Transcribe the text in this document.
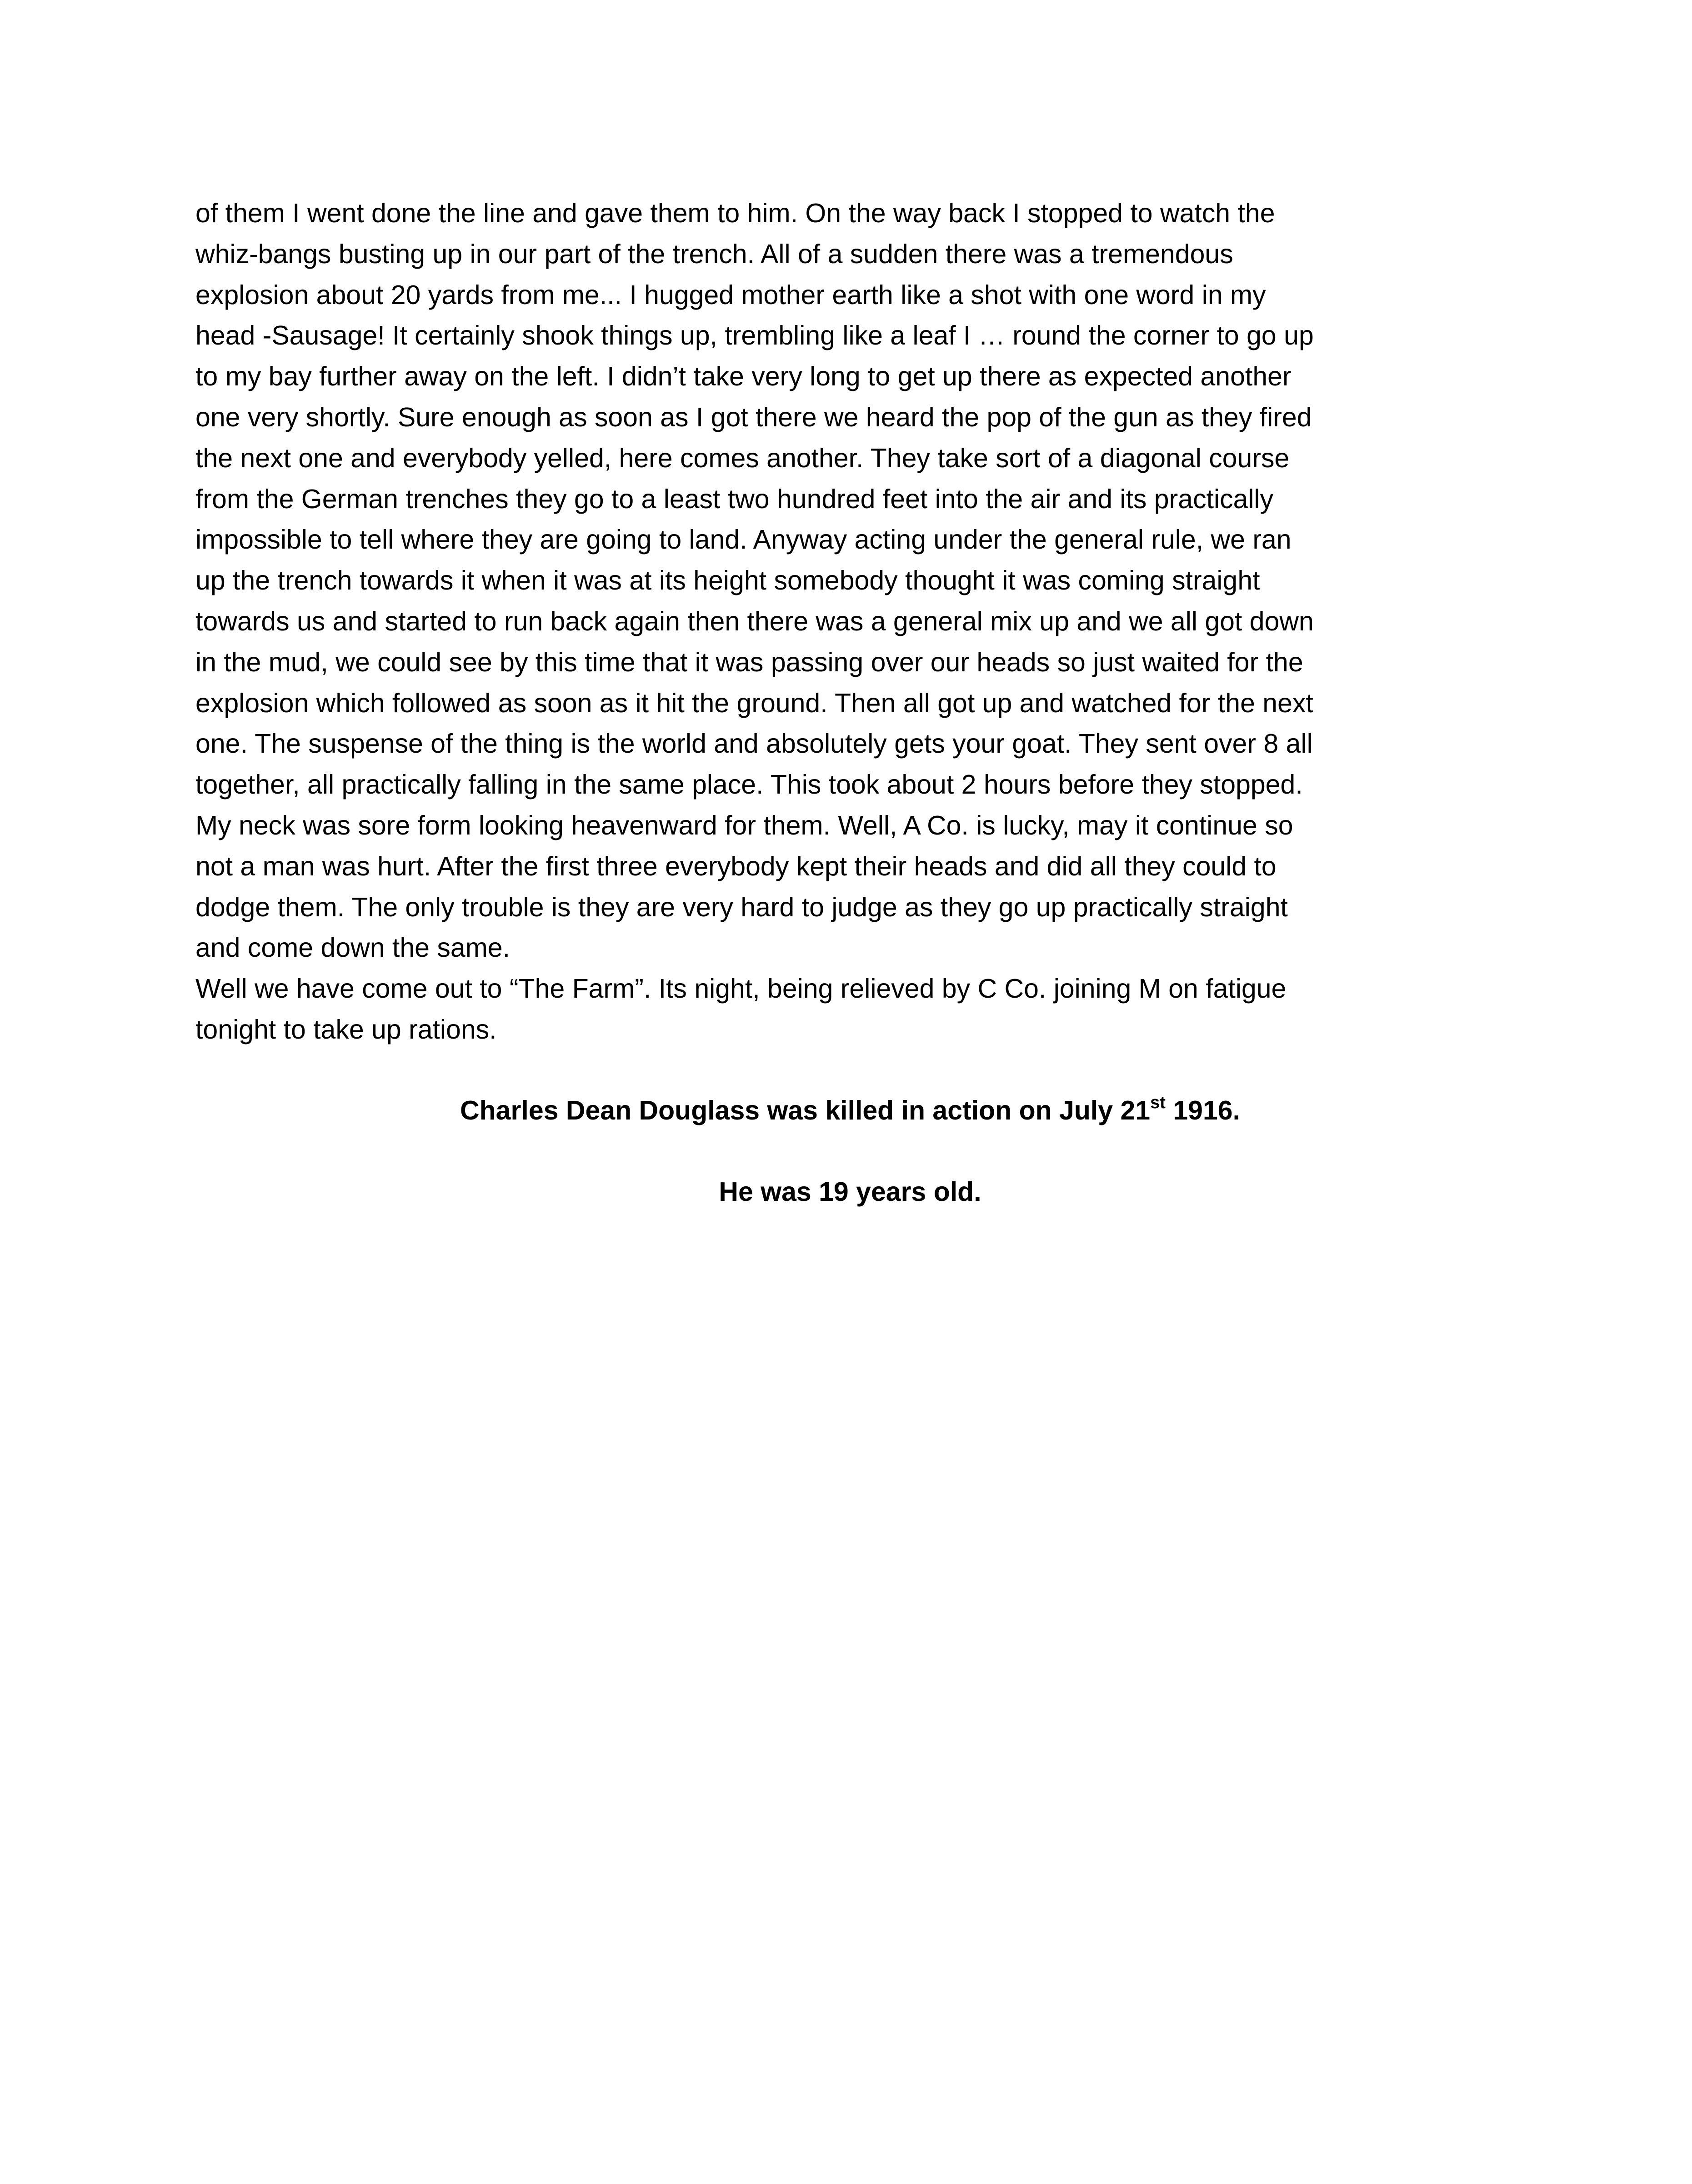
of them I went done the line and gave them to him. On the way back I stopped to watch the
whiz-bangs busting up in our part of the trench. All of a sudden there was a tremendous
explosion about 20 yards from me... I hugged mother earth like a shot with one word in my
head -Sausage! It certainly shook things up, trembling like a leaf I … round the corner to go up
to my bay further away on the left. I didn’t take very long to get up there as expected another
one very shortly. Sure enough as soon as I got there we heard the pop of the gun as they fired
the next one and everybody yelled, here comes another. They take sort of a diagonal course
from the German trenches they go to a least two hundred feet into the air and its practically
impossible to tell where they are going to land. Anyway acting under the general rule, we ran
up the trench towards it when it was at its height somebody thought it was coming straight
towards us and started to run back again then there was a general mix up and we all got down
in the mud, we could see by this time that it was passing over our heads so just waited for the
explosion which followed as soon as it hit the ground. Then all got up and watched for the next
one. The suspense of the thing is the world and absolutely gets your goat. They sent over 8 all
together, all practically falling in the same place. This took about 2 hours before they stopped.
My neck was sore form looking heavenward for them. Well, A Co. is lucky, may it continue so
not a man was hurt. After the first three everybody kept their heads and did all they could to
dodge them. The only trouble is they are very hard to judge as they go up practically straight
and come down the same.
Well we have come out to “The Farm”. Its night, being relieved by C Co. joining M on fatigue
tonight to take up rations.
Charles Dean Douglass was killed in action on July 21st 1916.
He was 19 years old.
